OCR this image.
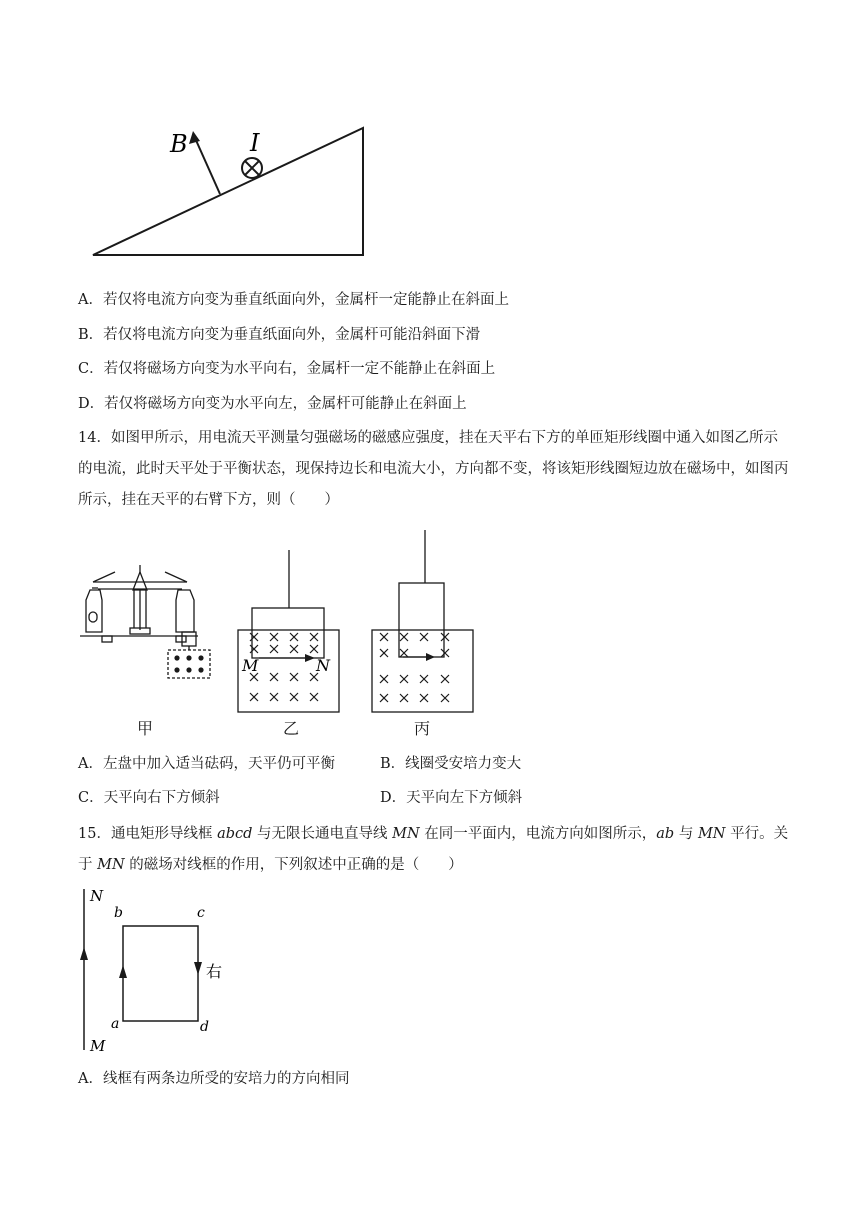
B	I
A．若仅将电流方向变为垂直纸面向外，金属杆一定能静止在斜面上
B．若仅将电流方向变为垂直纸面向外，金属杆可能沿斜面下滑
C．若仅将磁场方向变为水平向右，金属杆一定不能静止在斜面上
D．若仅将磁场方向变为水平向左，金属杆可能静止在斜面上
14．如图甲所示，用电流天平测量匀强磁场的磁感应强度，挂在天平右下方的单匝矩形线圈中通入如图乙所示的电流，此时天平处于平衡状态，现保持边长和电流大小，方向都不变，将该矩形线圈短边放在磁场中，如图丙所示，挂在天平的右臂下方，则（　　）
甲
M	N
乙	丙
A．左盘中加入适当砝码，天平仍可平衡	B．线圈受安培力变大
C．天平向右下方倾斜	D．天平向左下方倾斜
15．通电矩形导线框 abcd 与无限长通电直导线 MN 在同一平面内，电流方向如图所示，ab 与 MN 平行。关于 MN 的磁场对线框的作用，下列叙述中正确的是（　　）
N
M
b	c
a	d
右
A．线框有两条边所受的安培力的方向相同
